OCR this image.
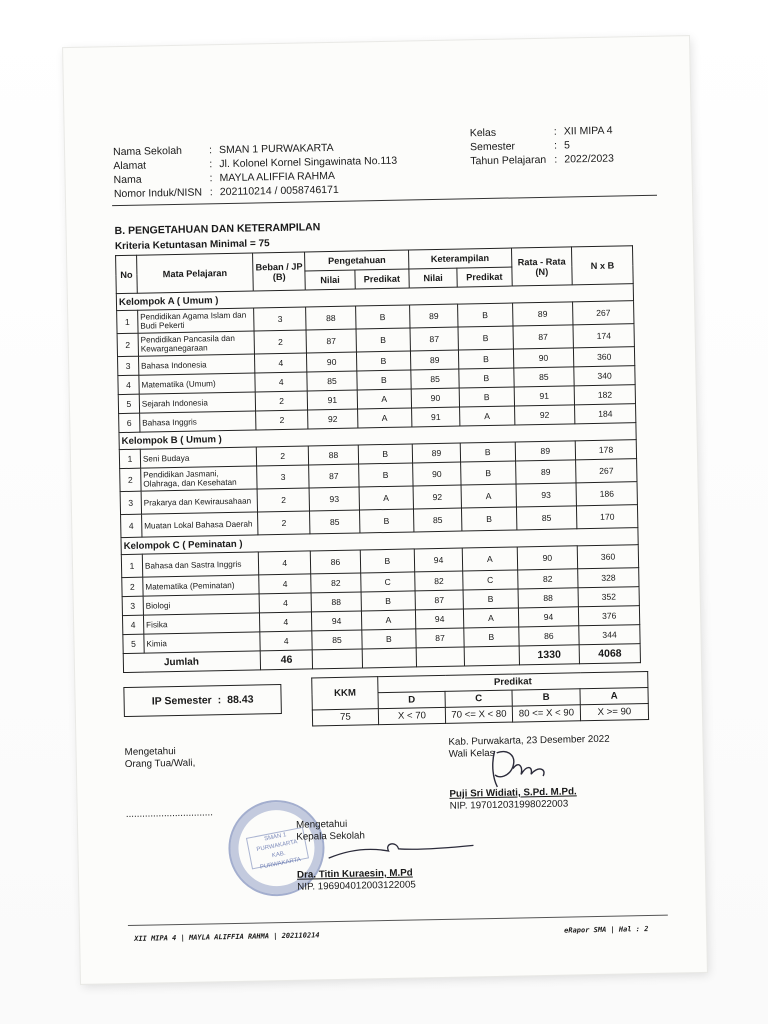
Nama Sekolah	: SMAN 1 PURWAKARTA
Alamat	: Jl. Kolonel Kornel Singawinata No.113
Nama	: MAYLA ALIFFIA RAHMA
Nomor Induk/NISN : 202110214 / 0058746171
Kelas	: XII MIPA 4
Semester	: 5
Tahun Pelajaran : 2022/2023
B. PENGETAHUAN DAN KETERAMPILAN
Kriteria Ketuntasan Minimal = 75
No	Mata Pelajaran	Beban / JP (B)	Pengetahuan		Keterampilan		Rata - Rata (N)	N x B
			Nilai	Predikat	Nilai	Predikat		
Kelompok A ( Umum )								
1	Pendidikan Agama Islam dan Budi Pekerti	3	88	B	89	B	89	267
2	Pendidikan Pancasila dan Kewarganegaraan	2	87	B	87	B	87	174
3	Bahasa Indonesia	4	90	B	89	B	90	360
4	Matematika (Umum)	4	85	B	85	B	85	340
5	Sejarah Indonesia	2	91	A	90	B	91	182
6	Bahasa Inggris	2	92	A	91	A	92	184
Kelompok B ( Umum )								
1	Seni Budaya	2	88	B	89	B	89	178
2	Pendidikan Jasmani, Olahraga, dan Kesehatan	3	87	B	90	B	89	267
3	Prakarya dan Kewirausahaan	2	93	A	92	A	93	186
4	Muatan Lokal Bahasa Daerah	2	85	B	85	B	85	170
Kelompok C ( Peminatan )								
1	Bahasa dan Sastra Inggris	4	86	B	94	A	90	360
2	Matematika (Peminatan)	4	82	C	82	C	82	328
3	Biologi	4	88	B	87	B	88	352
4	Fisika	4	94	A	94	A	94	376
5	Kimia	4	85	B	87	B	86	344
Jumlah		46					1330	4068
IP Semester : 88.43
KKM	Predikat			
	D	C	B	A
75	X < 70	70 <= X < 80	80 <= X < 90	X >= 90
Mengetahui
Orang Tua/Wali,
................................
Kab. Purwakarta, 23 Desember 2022
Wali Kelas
Puji Sri Widiati, S.Pd. M.Pd.
NIP. 197012031998022003
SMAN 1 PURWAKARTA KAB. PURWAKARTA
Mengetahui
Kepala Sekolah
Dra. Titin Kuraesin, M.Pd
NIP. 196904012003122005
XII MIPA 4 | MAYLA ALIFFIA RAHMA | 202110214
eRapor SMA | Hal : 2
